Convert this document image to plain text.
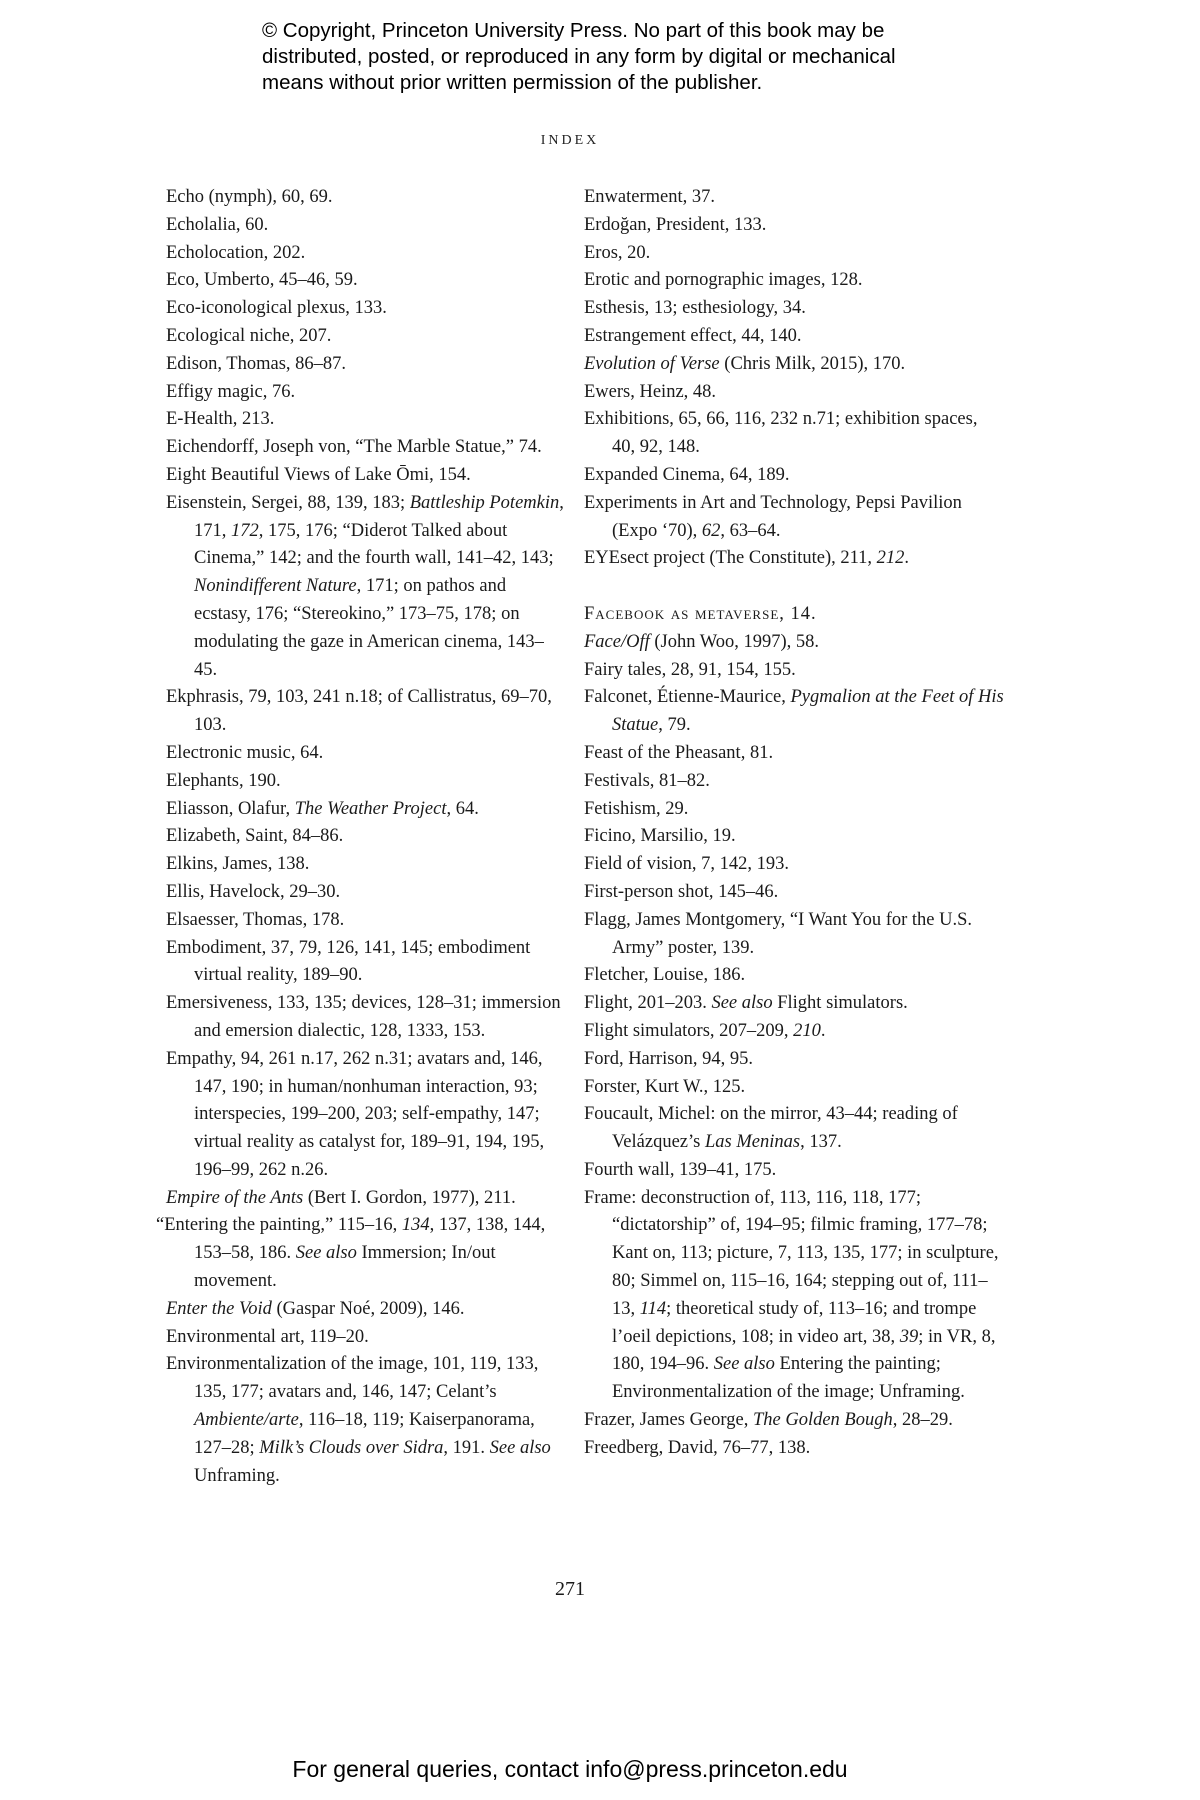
© Copyright, Princeton University Press. No part of this book may be
distributed, posted, or reproduced in any form by digital or mechanical
means without prior written permission of the publisher.
INDEX
Echo (nymph), 60, 69.
Echolalia, 60.
Echolocation, 202.
Eco, Umberto, 45–46, 59.
Eco-iconological plexus, 133.
Ecological niche, 207.
Edison, Thomas, 86–87.
Effigy magic, 76.
E-Health, 213.
Eichendorff, Joseph von, “The Marble Statue,” 74.
Eight Beautiful Views of Lake Ōmi, 154.
Eisenstein, Sergei, 88, 139, 183; Battleship Potemkin, 171, 172, 175, 176; “Diderot Talked about Cinema,” 142; and the fourth wall, 141–42, 143; Nonindifferent Nature, 171; on pathos and ecstasy, 176; “Stereokino,” 173–75, 178; on modulating the gaze in American cinema, 143–45.
Ekphrasis, 79, 103, 241 n.18; of Callistratus, 69–70, 103.
Electronic music, 64.
Elephants, 190.
Eliasson, Olafur, The Weather Project, 64.
Elizabeth, Saint, 84–86.
Elkins, James, 138.
Ellis, Havelock, 29–30.
Elsaesser, Thomas, 178.
Embodiment, 37, 79, 126, 141, 145; embodiment virtual reality, 189–90.
Emersiveness, 133, 135; devices, 128–31; immersion and emersion dialectic, 128, 1333, 153.
Empathy, 94, 261 n.17, 262 n.31; avatars and, 146, 147, 190; in human/nonhuman interaction, 93; interspecies, 199–200, 203; self-empathy, 147; virtual reality as catalyst for, 189–91, 194, 195, 196–99, 262 n.26.
Empire of the Ants (Bert I. Gordon, 1977), 211.
“Entering the painting,” 115–16, 134, 137, 138, 144, 153–58, 186. See also Immersion; In/out movement.
Enter the Void (Gaspar Noé, 2009), 146.
Environmental art, 119–20.
Environmentalization of the image, 101, 119, 133, 135, 177; avatars and, 146, 147; Celant’s Ambiente/arte, 116–18, 119; Kaiserpanorama, 127–28; Milk’s Clouds over Sidra, 191. See also Unframing.
Enwaterment, 37.
Erdoğan, President, 133.
Eros, 20.
Erotic and pornographic images, 128.
Esthesis, 13; esthesiology, 34.
Estrangement effect, 44, 140.
Evolution of Verse (Chris Milk, 2015), 170.
Ewers, Heinz, 48.
Exhibitions, 65, 66, 116, 232 n.71; exhibition spaces, 40, 92, 148.
Expanded Cinema, 64, 189.
Experiments in Art and Technology, Pepsi Pavilion (Expo ‘70), 62, 63–64.
EYEsect project (The Constitute), 211, 212.
Facebook as metaverse, 14.
Face/Off (John Woo, 1997), 58.
Fairy tales, 28, 91, 154, 155.
Falconet, Étienne-Maurice, Pygmalion at the Feet of His Statue, 79.
Feast of the Pheasant, 81.
Festivals, 81–82.
Fetishism, 29.
Ficino, Marsilio, 19.
Field of vision, 7, 142, 193.
First-person shot, 145–46.
Flagg, James Montgomery, “I Want You for the U.S. Army” poster, 139.
Fletcher, Louise, 186.
Flight, 201–203. See also Flight simulators.
Flight simulators, 207–209, 210.
Ford, Harrison, 94, 95.
Forster, Kurt W., 125.
Foucault, Michel: on the mirror, 43–44; reading of Velázquez’s Las Meninas, 137.
Fourth wall, 139–41, 175.
Frame: deconstruction of, 113, 116, 118, 177; “dictatorship” of, 194–95; filmic framing, 177–78; Kant on, 113; picture, 7, 113, 135, 177; in sculpture, 80; Simmel on, 115–16, 164; stepping out of, 111–13, 114; theoretical study of, 113–16; and trompe l’oeil depictions, 108; in video art, 38, 39; in VR, 8, 180, 194–96. See also Entering the painting; Environmentalization of the image; Unframing.
Frazer, James George, The Golden Bough, 28–29.
Freedberg, David, 76–77, 138.
271
For general queries, contact info@press.princeton.edu
